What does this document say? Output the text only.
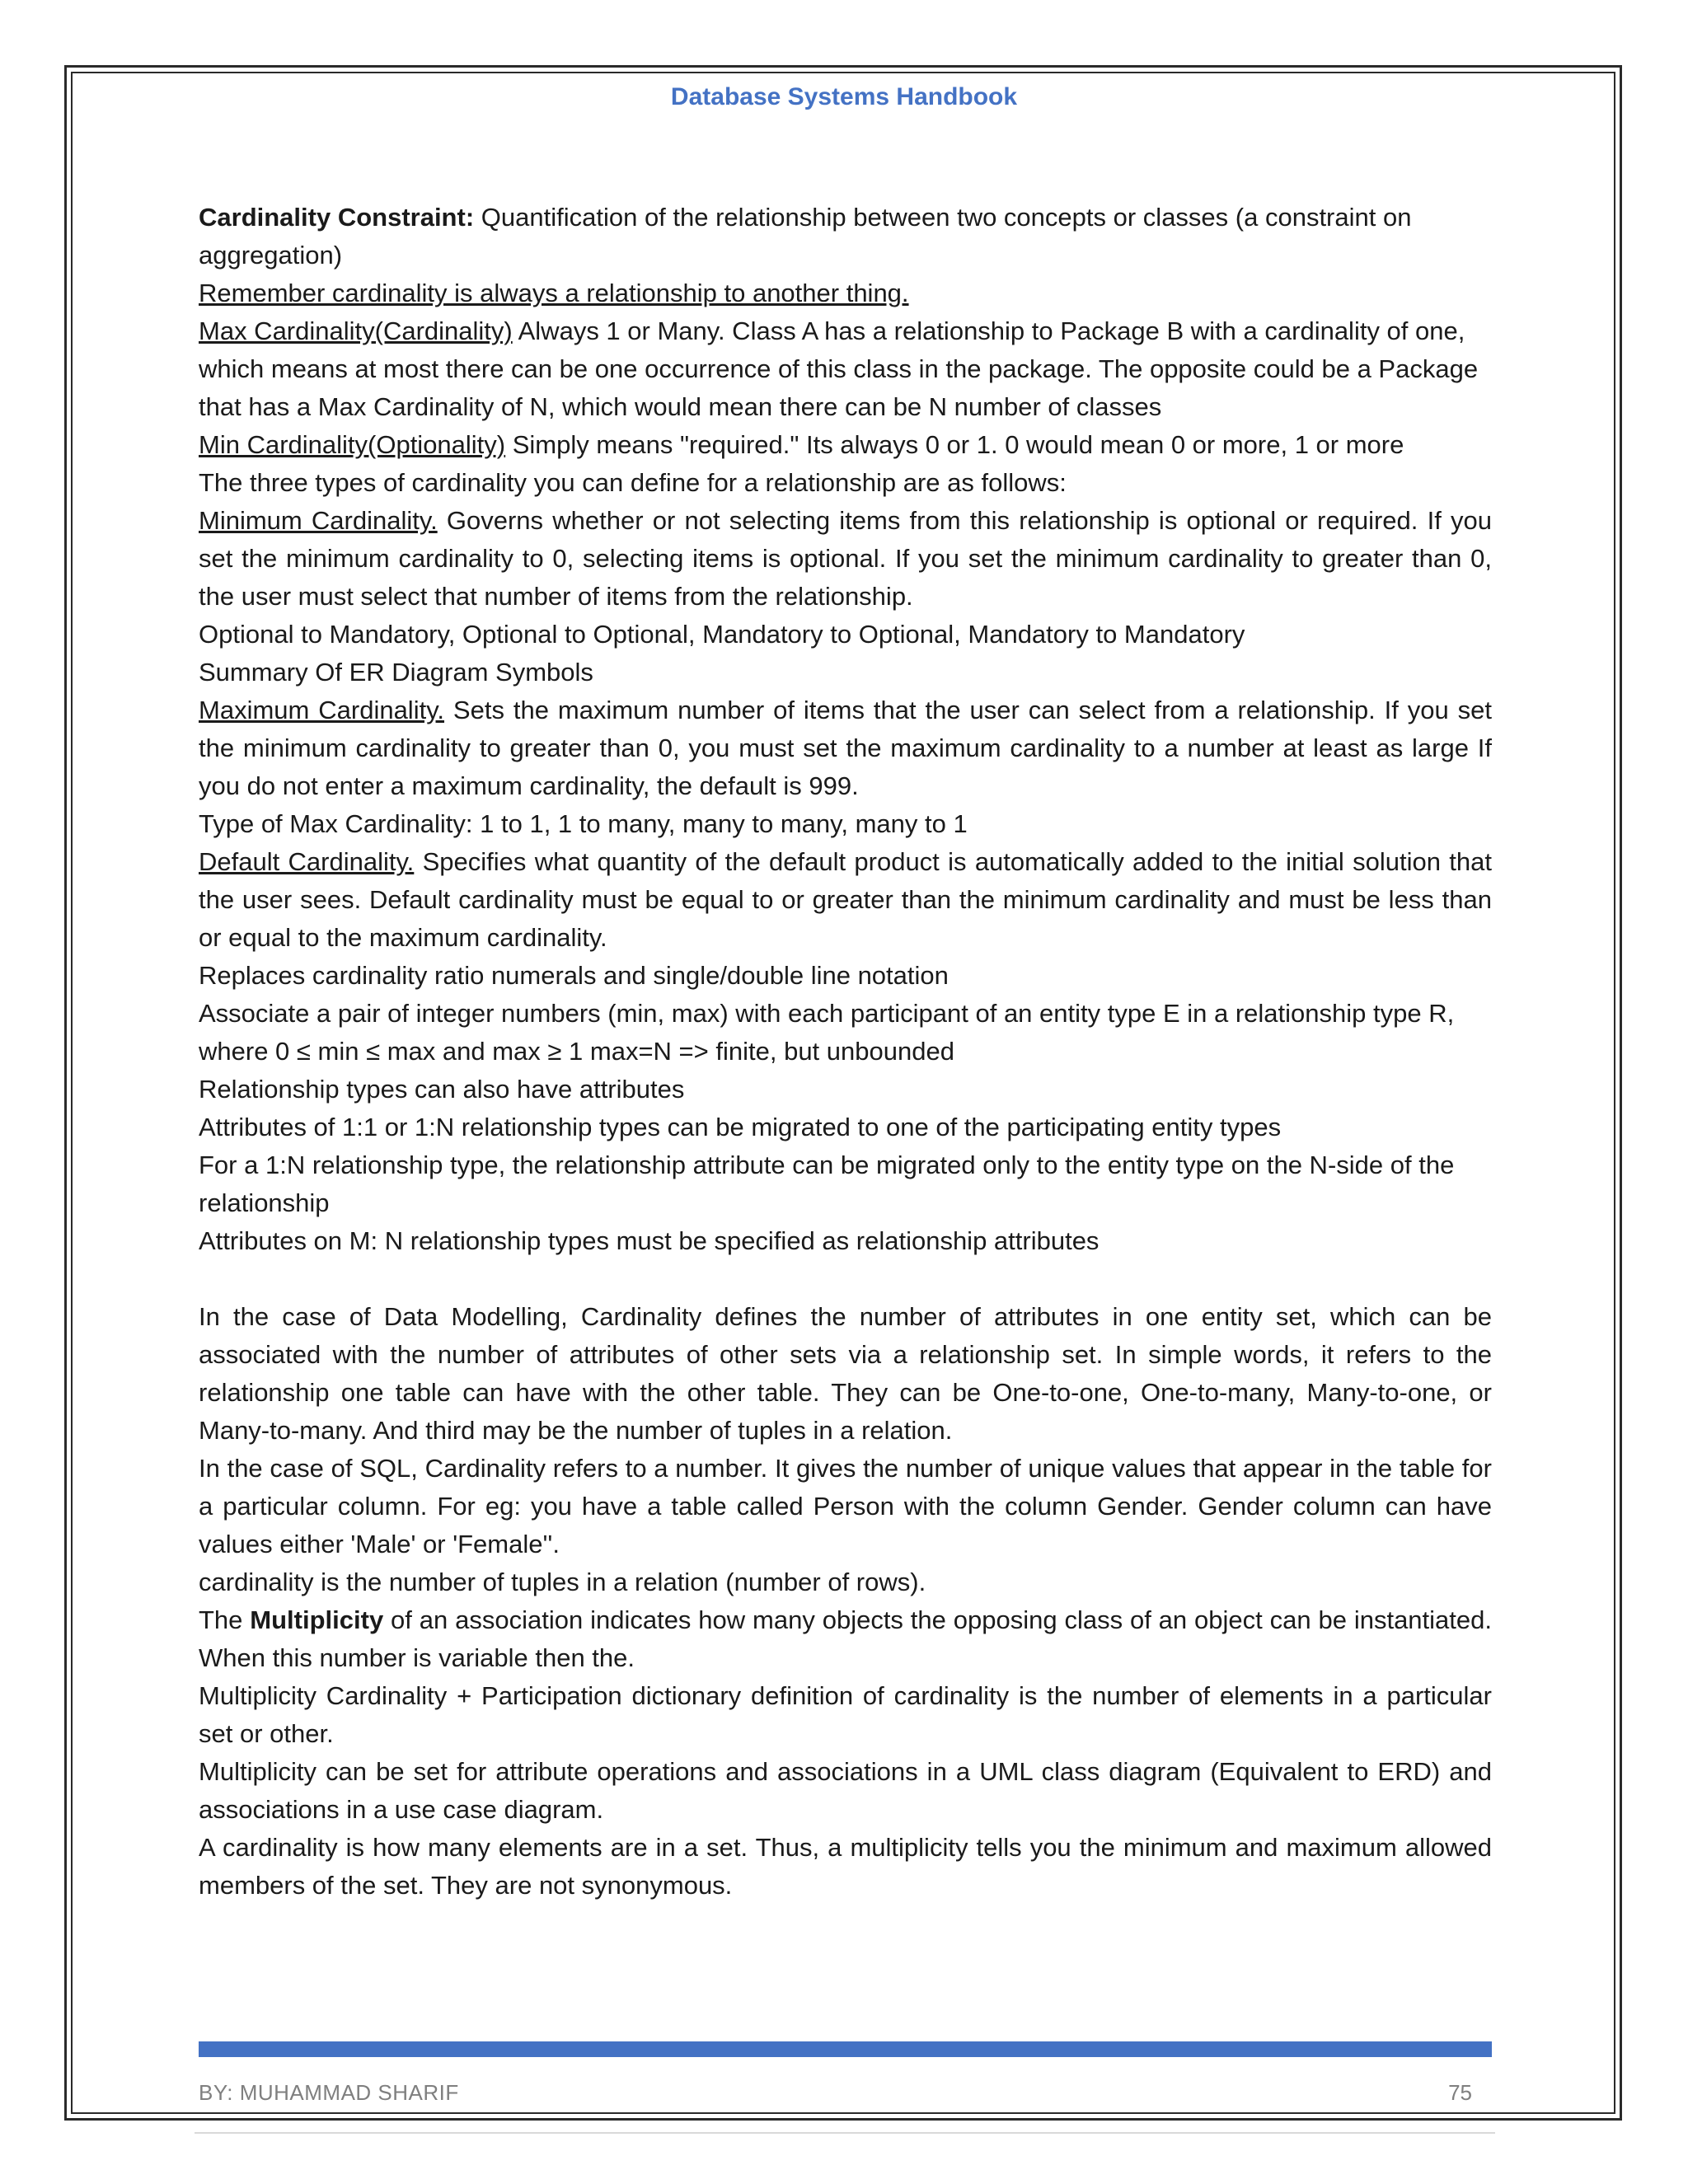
Database Systems Handbook

Cardinality Constraint: Quantification of the relationship between two concepts or classes (a constraint on aggregation)

Remember cardinality is always a relationship to another thing.

Max Cardinality(Cardinality) Always 1 or Many. Class A has a relationship to Package B with a cardinality of one, which means at most there can be one occurrence of this class in the package. The opposite could be a Package that has a Max Cardinality of N, which would mean there can be N number of classes

Min Cardinality(Optionality) Simply means "required." Its always 0 or 1. 0 would mean 0 or more, 1 or more

The three types of cardinality you can define for a relationship are as follows:

Minimum Cardinality. Governs whether or not selecting items from this relationship is optional or required. If you set the minimum cardinality to 0, selecting items is optional. If you set the minimum cardinality to greater than 0, the user must select that number of items from the relationship.

Optional to Mandatory, Optional to Optional, Mandatory to Optional, Mandatory to Mandatory

Summary Of ER Diagram Symbols

Maximum Cardinality. Sets the maximum number of items that the user can select from a relationship. If you set the minimum cardinality to greater than 0, you must set the maximum cardinality to a number at least as large If you do not enter a maximum cardinality, the default is 999.

Type of Max Cardinality: 1 to 1, 1 to many, many to many, many to 1

Default Cardinality. Specifies what quantity of the default product is automatically added to the initial solution that the user sees. Default cardinality must be equal to or greater than the minimum cardinality and must be less than or equal to the maximum cardinality.

Replaces cardinality ratio numerals and single/double line notation

Associate a pair of integer numbers (min, max) with each participant of an entity type E in a relationship type R, where 0 ≤ min ≤ max and max ≥ 1 max=N => finite, but unbounded

Relationship types can also have attributes

Attributes of 1:1 or 1:N relationship types can be migrated to one of the participating entity types

For a 1:N relationship type, the relationship attribute can be migrated only to the entity type on the N-side of the relationship

Attributes on M: N relationship types must be specified as relationship attributes

In the case of Data Modelling, Cardinality defines the number of attributes in one entity set, which can be associated with the number of attributes of other sets via a relationship set. In simple words, it refers to the relationship one table can have with the other table. They can be One-to-one, One-to-many, Many-to-one, or Many-to-many. And third may be the number of tuples in a relation.

In the case of SQL, Cardinality refers to a number. It gives the number of unique values that appear in the table for a particular column. For eg: you have a table called Person with the column Gender. Gender column can have values either 'Male' or 'Female''.

cardinality is the number of tuples in a relation (number of rows).

The Multiplicity of an association indicates how many objects the opposing class of an object can be instantiated. When this number is variable then the.

Multiplicity Cardinality + Participation dictionary definition of cardinality is the number of elements in a particular set or other.

Multiplicity can be set for attribute operations and associations in a UML class diagram (Equivalent to ERD) and associations in a use case diagram.

A cardinality is how many elements are in a set. Thus, a multiplicity tells you the minimum and maximum allowed members of the set. They are not synonymous.

BY: MUHAMMAD SHARIF	75
